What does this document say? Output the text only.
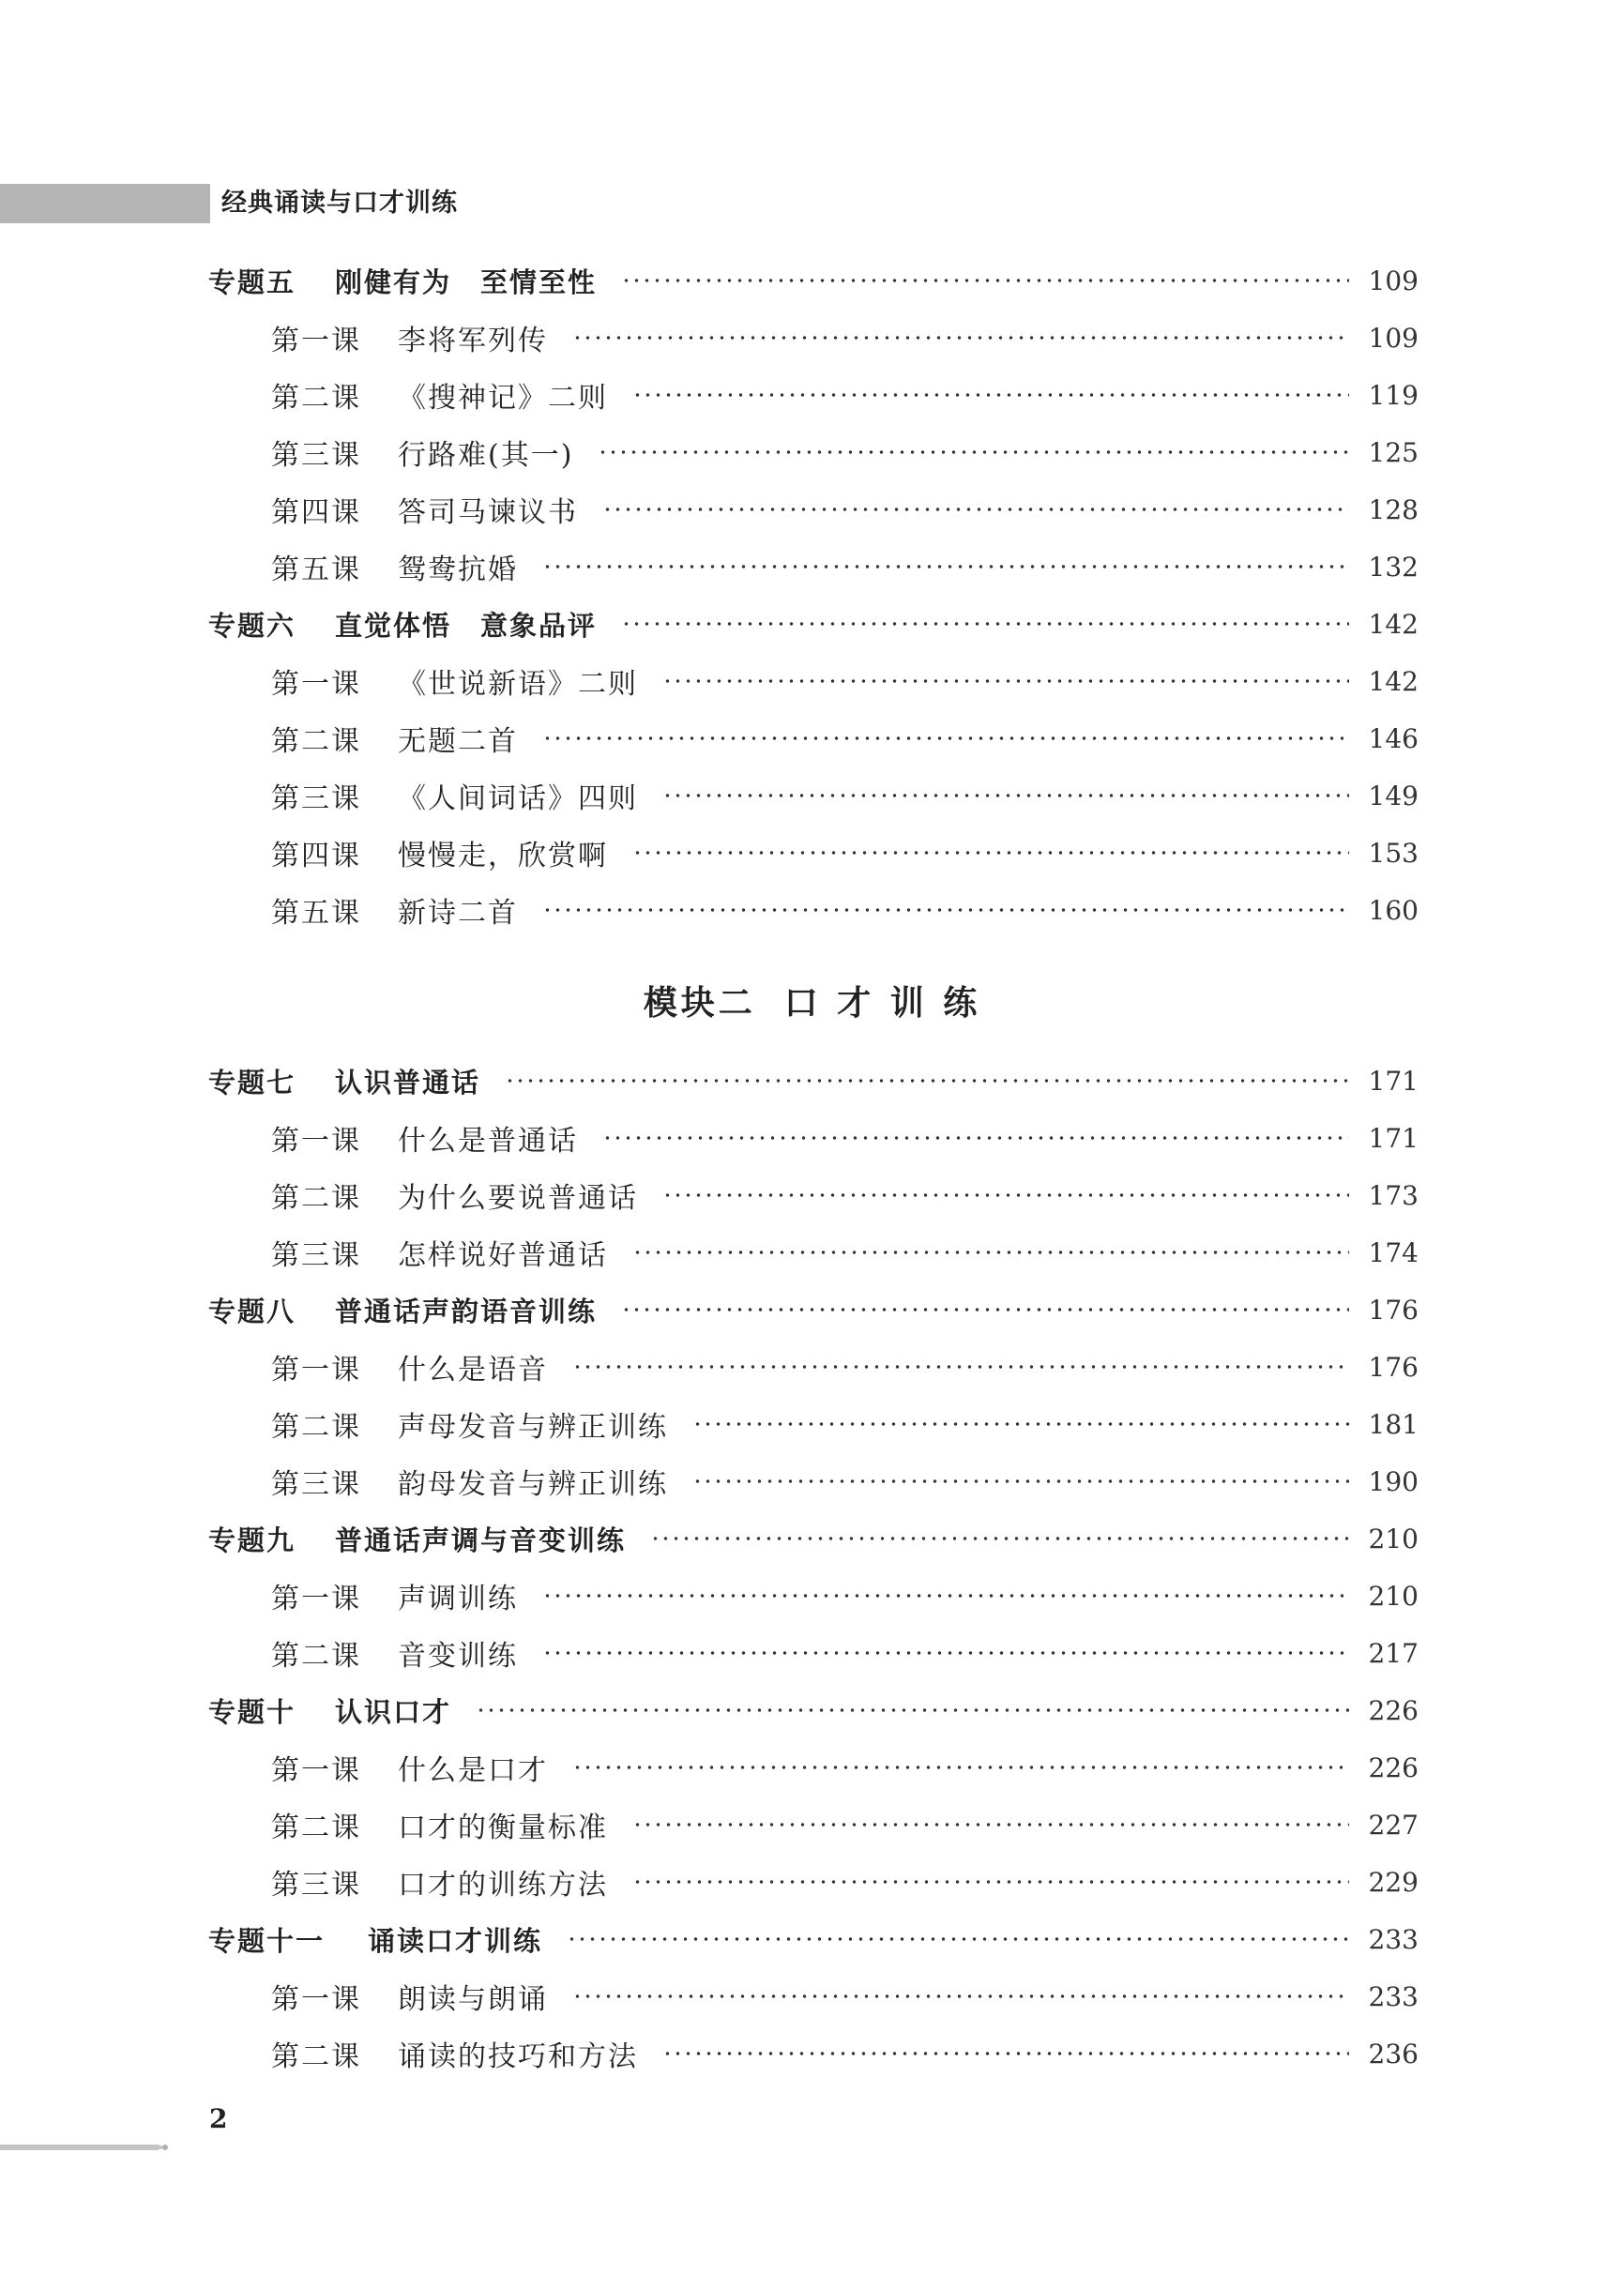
经典诵读与口才训练
专题五	刚健有为　至情至性	109
第一课	李将军列传	109
第二课	《搜神记》二则	119
第三课	行路难(其一)	125
第四课	答司马谏议书	128
第五课	鸳鸯抗婚	132
专题六	直觉体悟　意象品评	142
第一课	《世说新语》二则	142
第二课	无题二首	146
第三课	《人间词话》四则	149
第四课	慢慢走，欣赏啊	153
第五课	新诗二首	160
模块二 口 才 训 练
专题七	认识普通话	171
第一课	什么是普通话	171
第二课	为什么要说普通话	173
第三课	怎样说好普通话	174
专题八	普通话声韵语音训练	176
第一课	什么是语音	176
第二课	声母发音与辨正训练	181
第三课	韵母发音与辨正训练	190
专题九	普通话声调与音变训练	210
第一课	声调训练	210
第二课	音变训练	217
专题十	认识口才	226
第一课	什么是口才	226
第二课	口才的衡量标准	227
第三课	口才的训练方法	229
专题十一	诵读口才训练	233
第一课	朗读与朗诵	233
第二课	诵读的技巧和方法	236
2
